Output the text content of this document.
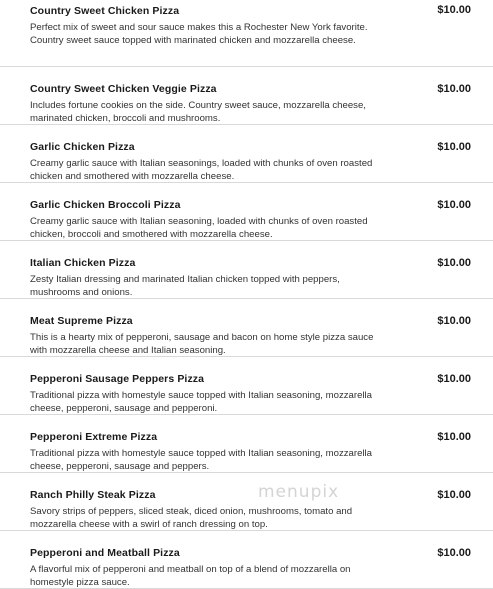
Country Sweet Chicken Pizza	$10.00
Perfect mix of sweet and sour sauce makes this a Rochester New York favorite. Country sweet sauce topped with marinated chicken and mozzarella cheese.
Country Sweet Chicken Veggie Pizza	$10.00
Includes fortune cookies on the side. Country sweet sauce, mozzarella cheese, marinated chicken, broccoli and mushrooms.
Garlic Chicken Pizza	$10.00
Creamy garlic sauce with Italian seasonings, loaded with chunks of oven roasted chicken and smothered with mozzarella cheese.
Garlic Chicken Broccoli Pizza	$10.00
Creamy garlic sauce with Italian seasoning, loaded with chunks of oven roasted chicken, broccoli and smothered with mozzarella cheese.
Italian Chicken Pizza	$10.00
Zesty Italian dressing and marinated Italian chicken topped with peppers, mushrooms and onions.
Meat Supreme Pizza	$10.00
This is a hearty mix of pepperoni, sausage and bacon on home style pizza sauce with mozzarella cheese and Italian seasoning.
Pepperoni Sausage Peppers Pizza	$10.00
Traditional pizza with homestyle sauce topped with Italian seasoning, mozzarella cheese, pepperoni, sausage and pepperoni.
Pepperoni Extreme Pizza	$10.00
Traditional pizza with homestyle sauce topped with Italian seasoning, mozzarella cheese, pepperoni, sausage and peppers.
Ranch Philly Steak Pizza	$10.00
Savory strips of peppers, sliced steak, diced onion, mushrooms, tomato and mozzarella cheese with a swirl of ranch dressing on top.
Pepperoni and Meatball Pizza	$10.00
A flavorful mix of pepperoni and meatball on top of a blend of mozzarella on homestyle pizza sauce.
menupix
